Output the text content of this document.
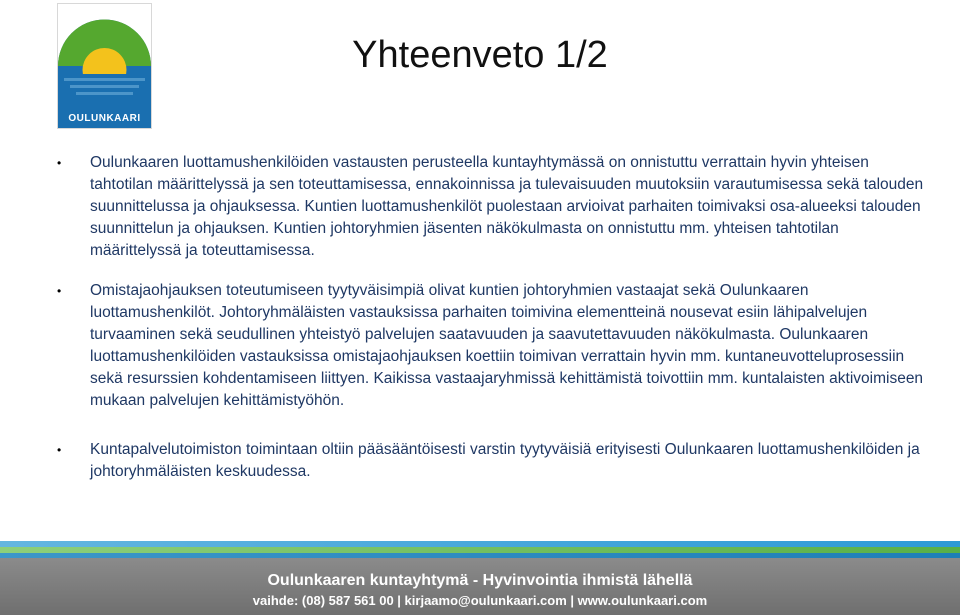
OULUNKAARI
Yhteenveto 1/2
•	Oulunkaaren luottamushenkilöiden vastausten perusteella kuntayhtymässä on onnistuttu verrattain hyvin yhteisen tahtotilan määrittelyssä ja sen toteuttamisessa, ennakoinnissa ja tulevaisuuden muutoksiin varautumisessa sekä talouden suunnittelussa ja ohjauksessa. Kuntien luottamushenkilöt puolestaan arvioivat parhaiten toimivaksi osa-alueeksi talouden suunnittelun ja ohjauksen. Kuntien johtoryhmien jäsenten näkökulmasta on onnistuttu mm. yhteisen tahtotilan määrittelyssä ja toteuttamisessa.
•	Omistajaohjauksen toteutumiseen tyytyväisimpiä olivat kuntien johtoryhmien vastaajat sekä Oulunkaaren luottamushenkilöt. Johtoryhmäläisten vastauksissa parhaiten toimivina elementteinä nousevat esiin lähipalvelujen turvaaminen sekä seudullinen yhteistyö palvelujen saatavuuden ja saavutettavuuden näkökulmasta. Oulunkaaren luottamushenkilöiden vastauksissa omistajaohjauksen koettiin toimivan verrattain hyvin mm. kuntaneuvotteluprosessiin sekä resurssien kohdentamiseen liittyen. Kaikissa vastaajaryhmissä kehittämistä toivottiin mm. kuntalaisten aktivoimiseen mukaan palvelujen kehittämistyöhön.
•	Kuntapalvelutoimiston toimintaan oltiin pääsääntöisesti varstin tyytyväisiä erityisesti Oulunkaaren luottamushenkilöiden ja johtoryhmäläisten keskuudessa.
Oulunkaaren kuntayhtymä - Hyvinvointia ihmistä lähellä
vaihde: (08) 587 561 00 | kirjaamo@oulunkaari.com | www.oulunkaari.com
